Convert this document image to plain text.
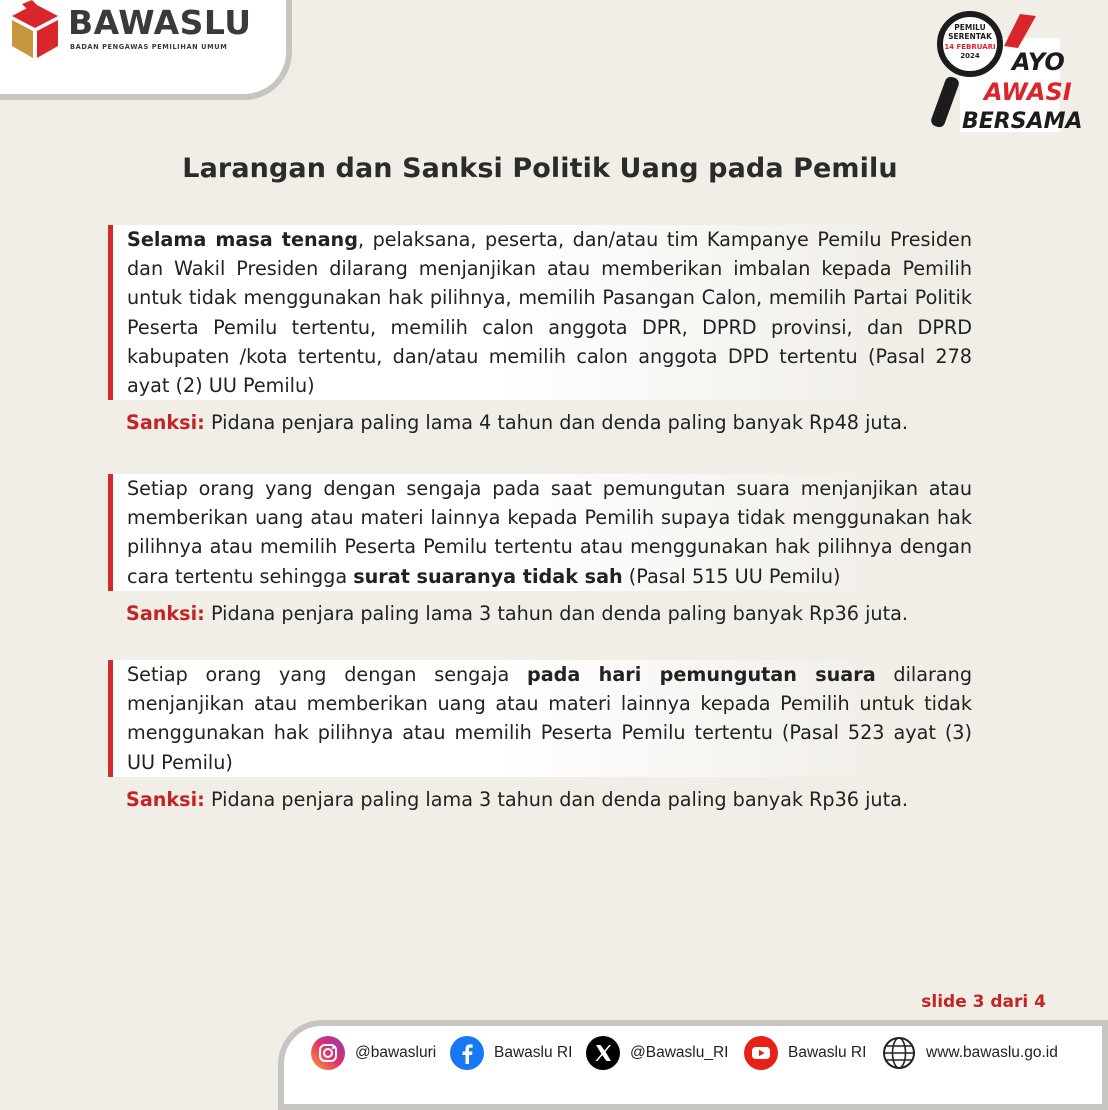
BAWASLU
BADAN PENGAWAS PEMILIHAN UMUM
PEMILU
SERENTAK
14 FEBRUARI
2024 AYO
AWASI
BERSAMA
Larangan dan Sanksi Politik Uang pada Pemilu

Selama masa tenang, pelaksana, peserta, dan/atau tim Kampanye Pemilu Presiden dan Wakil Presiden dilarang menjanjikan atau memberikan imbalan kepada Pemilih untuk tidak menggunakan hak pilihnya, memilih Pasangan Calon, memilih Partai Politik Peserta Pemilu tertentu, memilih calon anggota DPR, DPRD provinsi, dan DPRD kabupaten /kota tertentu, dan/atau memilih calon anggota DPD tertentu (Pasal 278 ayat (2) UU Pemilu)

Sanksi: Pidana penjara paling lama 4 tahun dan denda paling banyak Rp48 juta.

Setiap orang yang dengan sengaja pada saat pemungutan suara menjanjikan atau memberikan uang atau materi lainnya kepada Pemilih supaya tidak menggunakan hak pilihnya atau memilih Peserta Pemilu tertentu atau menggunakan hak pilihnya dengan cara tertentu sehingga surat suaranya tidak sah (Pasal 515 UU Pemilu)

Sanksi: Pidana penjara paling lama 3 tahun dan denda paling banyak Rp36 juta.

Setiap orang yang dengan sengaja pada hari pemungutan suara dilarang menjanjikan atau memberikan uang atau materi lainnya kepada Pemilih untuk tidak menggunakan hak pilihnya atau memilih Peserta Pemilu tertentu (Pasal 523 ayat (3) UU Pemilu)

Sanksi: Pidana penjara paling lama 3 tahun dan denda paling banyak Rp36 juta.
slide 3 dari 4
@bawasluri	Bawaslu RI	@Bawaslu_RI	Bawaslu RI	www.bawaslu.go.id
